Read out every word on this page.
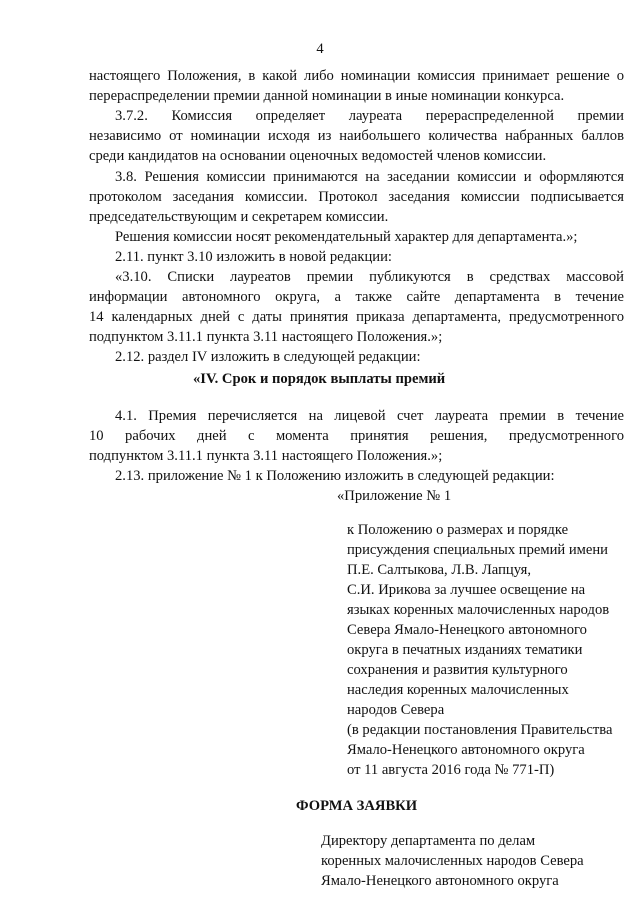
4
настоящего Положения, в какой либо номинации комиссия принимает решение о
перераспределении премии данной номинации в иные номинации конкурса.
3.7.2. Комиссия определяет лауреата перераспределенной премии
независимо от номинации исходя из наибольшего количества набранных баллов
среди кандидатов на основании оценочных ведомостей членов комиссии.
3.8. Решения комиссии принимаются на заседании комиссии и оформляются
протоколом заседания комиссии. Протокол заседания комиссии подписывается
председательствующим и секретарем комиссии.
Решения комиссии носят рекомендательный характер для департамента.»;
2.11. пункт 3.10 изложить в новой редакции:
«3.10. Списки лауреатов премии публикуются в средствах массовой
информации автономного округа, а также сайте департамента в течение
14 календарных дней с даты принятия приказа департамента, предусмотренного
подпунктом 3.11.1 пункта 3.11 настоящего Положения.»;
2.12. раздел IV изложить в следующей редакции:
«IV. Срок и порядок выплаты премий
4.1. Премия перечисляется на лицевой счет лауреата премии в течение
10 рабочих дней с момента принятия решения, предусмотренного
подпунктом 3.11.1 пункта 3.11 настоящего Положения.»;
2.13. приложение № 1 к Положению изложить в следующей редакции:
«Приложение № 1
к Положению о размерах и порядке
присуждения специальных премий имени
П.Е. Салтыкова, Л.В. Лапцуя,
С.И. Ирикова за лучшее освещение на
языках коренных малочисленных народов
Севера Ямало-Ненецкого автономного
округа в печатных изданиях тематики
сохранения и развития культурного
наследия коренных малочисленных
народов Севера
(в редакции постановления Правительства
Ямало-Ненецкого автономного округа
от 11 августа 2016 года № 771-П)
ФОРМА ЗАЯВКИ
Директору департамента по делам
коренных малочисленных народов Севера
Ямало-Ненецкого автономного округа
